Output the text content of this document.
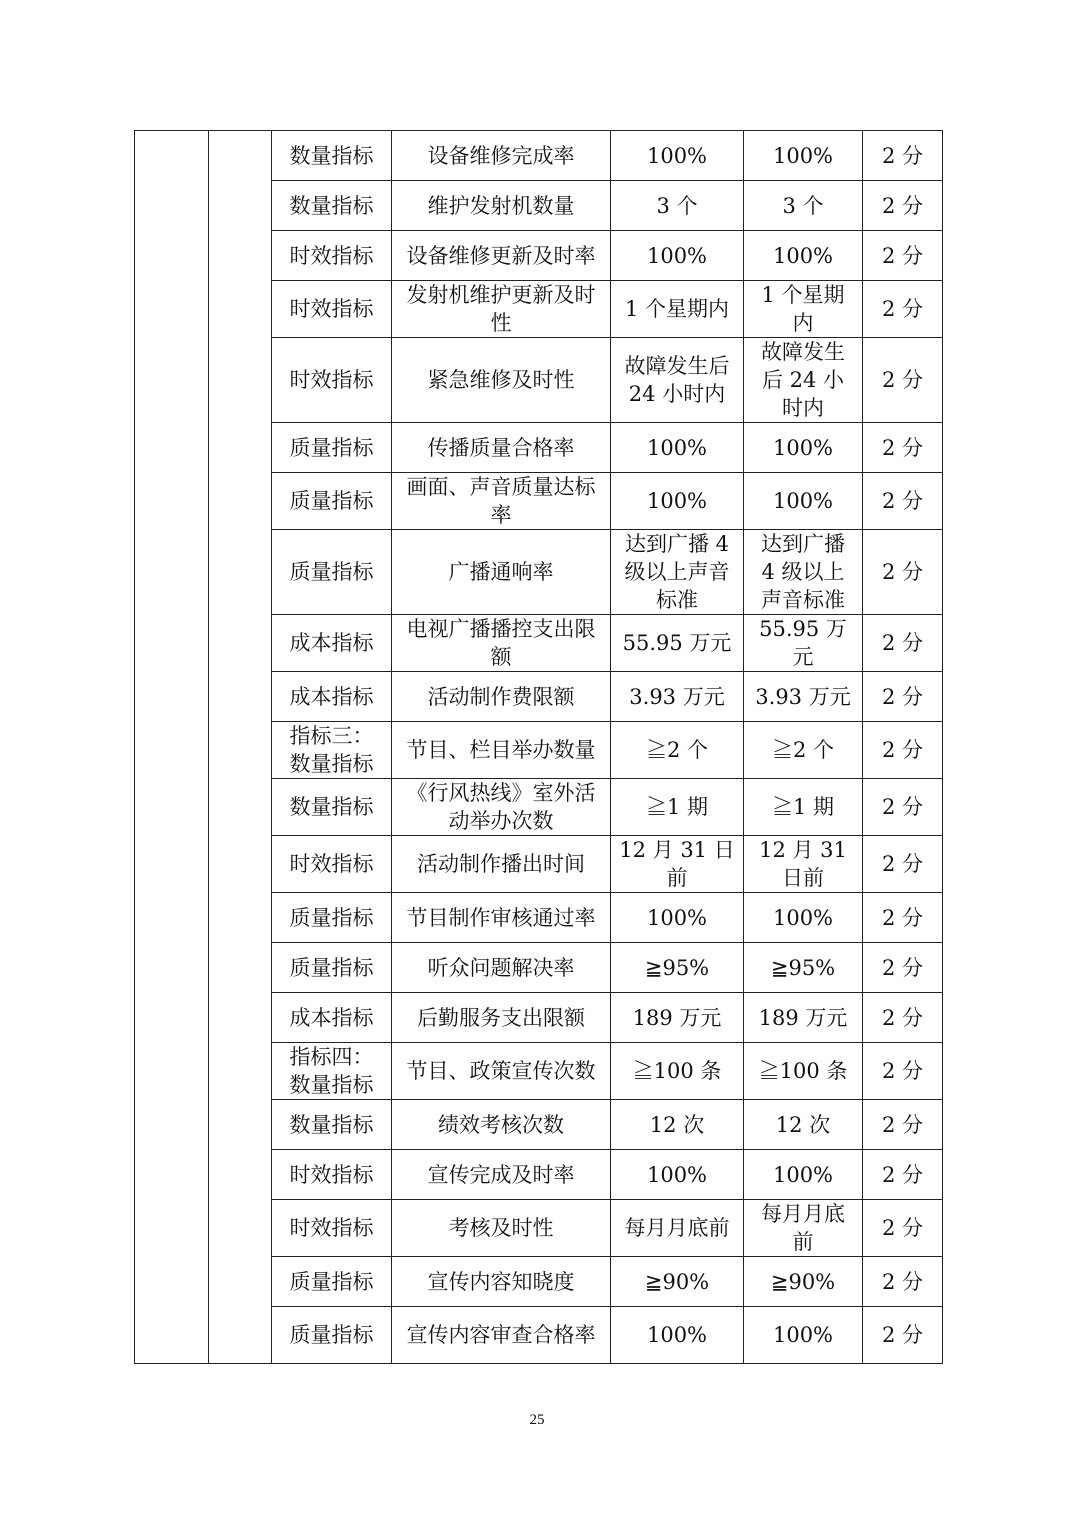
		数量指标	设备维修完成率	100%	100%	2 分
		数量指标	维护发射机数量	3 个	3 个	2 分
		时效指标	设备维修更新及时率	100%	100%	2 分
		时效指标	发射机维护更新及时性	1 个星期内	1 个星期内	2 分
		时效指标	紧急维修及时性	故障发生后 24 小时内	故障发生后 24 小时内	2 分
		质量指标	传播质量合格率	100%	100%	2 分
		质量指标	画面、声音质量达标率	100%	100%	2 分
		质量指标	广播通响率	达到广播 4 级以上声音标准	达到广播 4 级以上声音标准	2 分
		成本指标	电视广播播控支出限额	55.95 万元	55.95 万元	2 分
		成本指标	活动制作费限额	3.93 万元	3.93 万元	2 分
		指标三：数量指标	节目、栏目举办数量	≧2 个	≧2 个	2 分
		数量指标	《行风热线》室外活动举办次数	≧1 期	≧1 期	2 分
		时效指标	活动制作播出时间	12 月 31 日前	12 月 31 日前	2 分
		质量指标	节目制作审核通过率	100%	100%	2 分
		质量指标	听众问题解决率	≧95%	≧95%	2 分
		成本指标	后勤服务支出限额	189 万元	189 万元	2 分
		指标四：数量指标	节目、政策宣传次数	≧100 条	≧100 条	2 分
		数量指标	绩效考核次数	12 次	12 次	2 分
		时效指标	宣传完成及时率	100%	100%	2 分
		时效指标	考核及时性	每月月底前	每月月底前	2 分
		质量指标	宣传内容知晓度	≧90%	≧90%	2 分
		质量指标	宣传内容审查合格率	100%	100%	2 分
25
